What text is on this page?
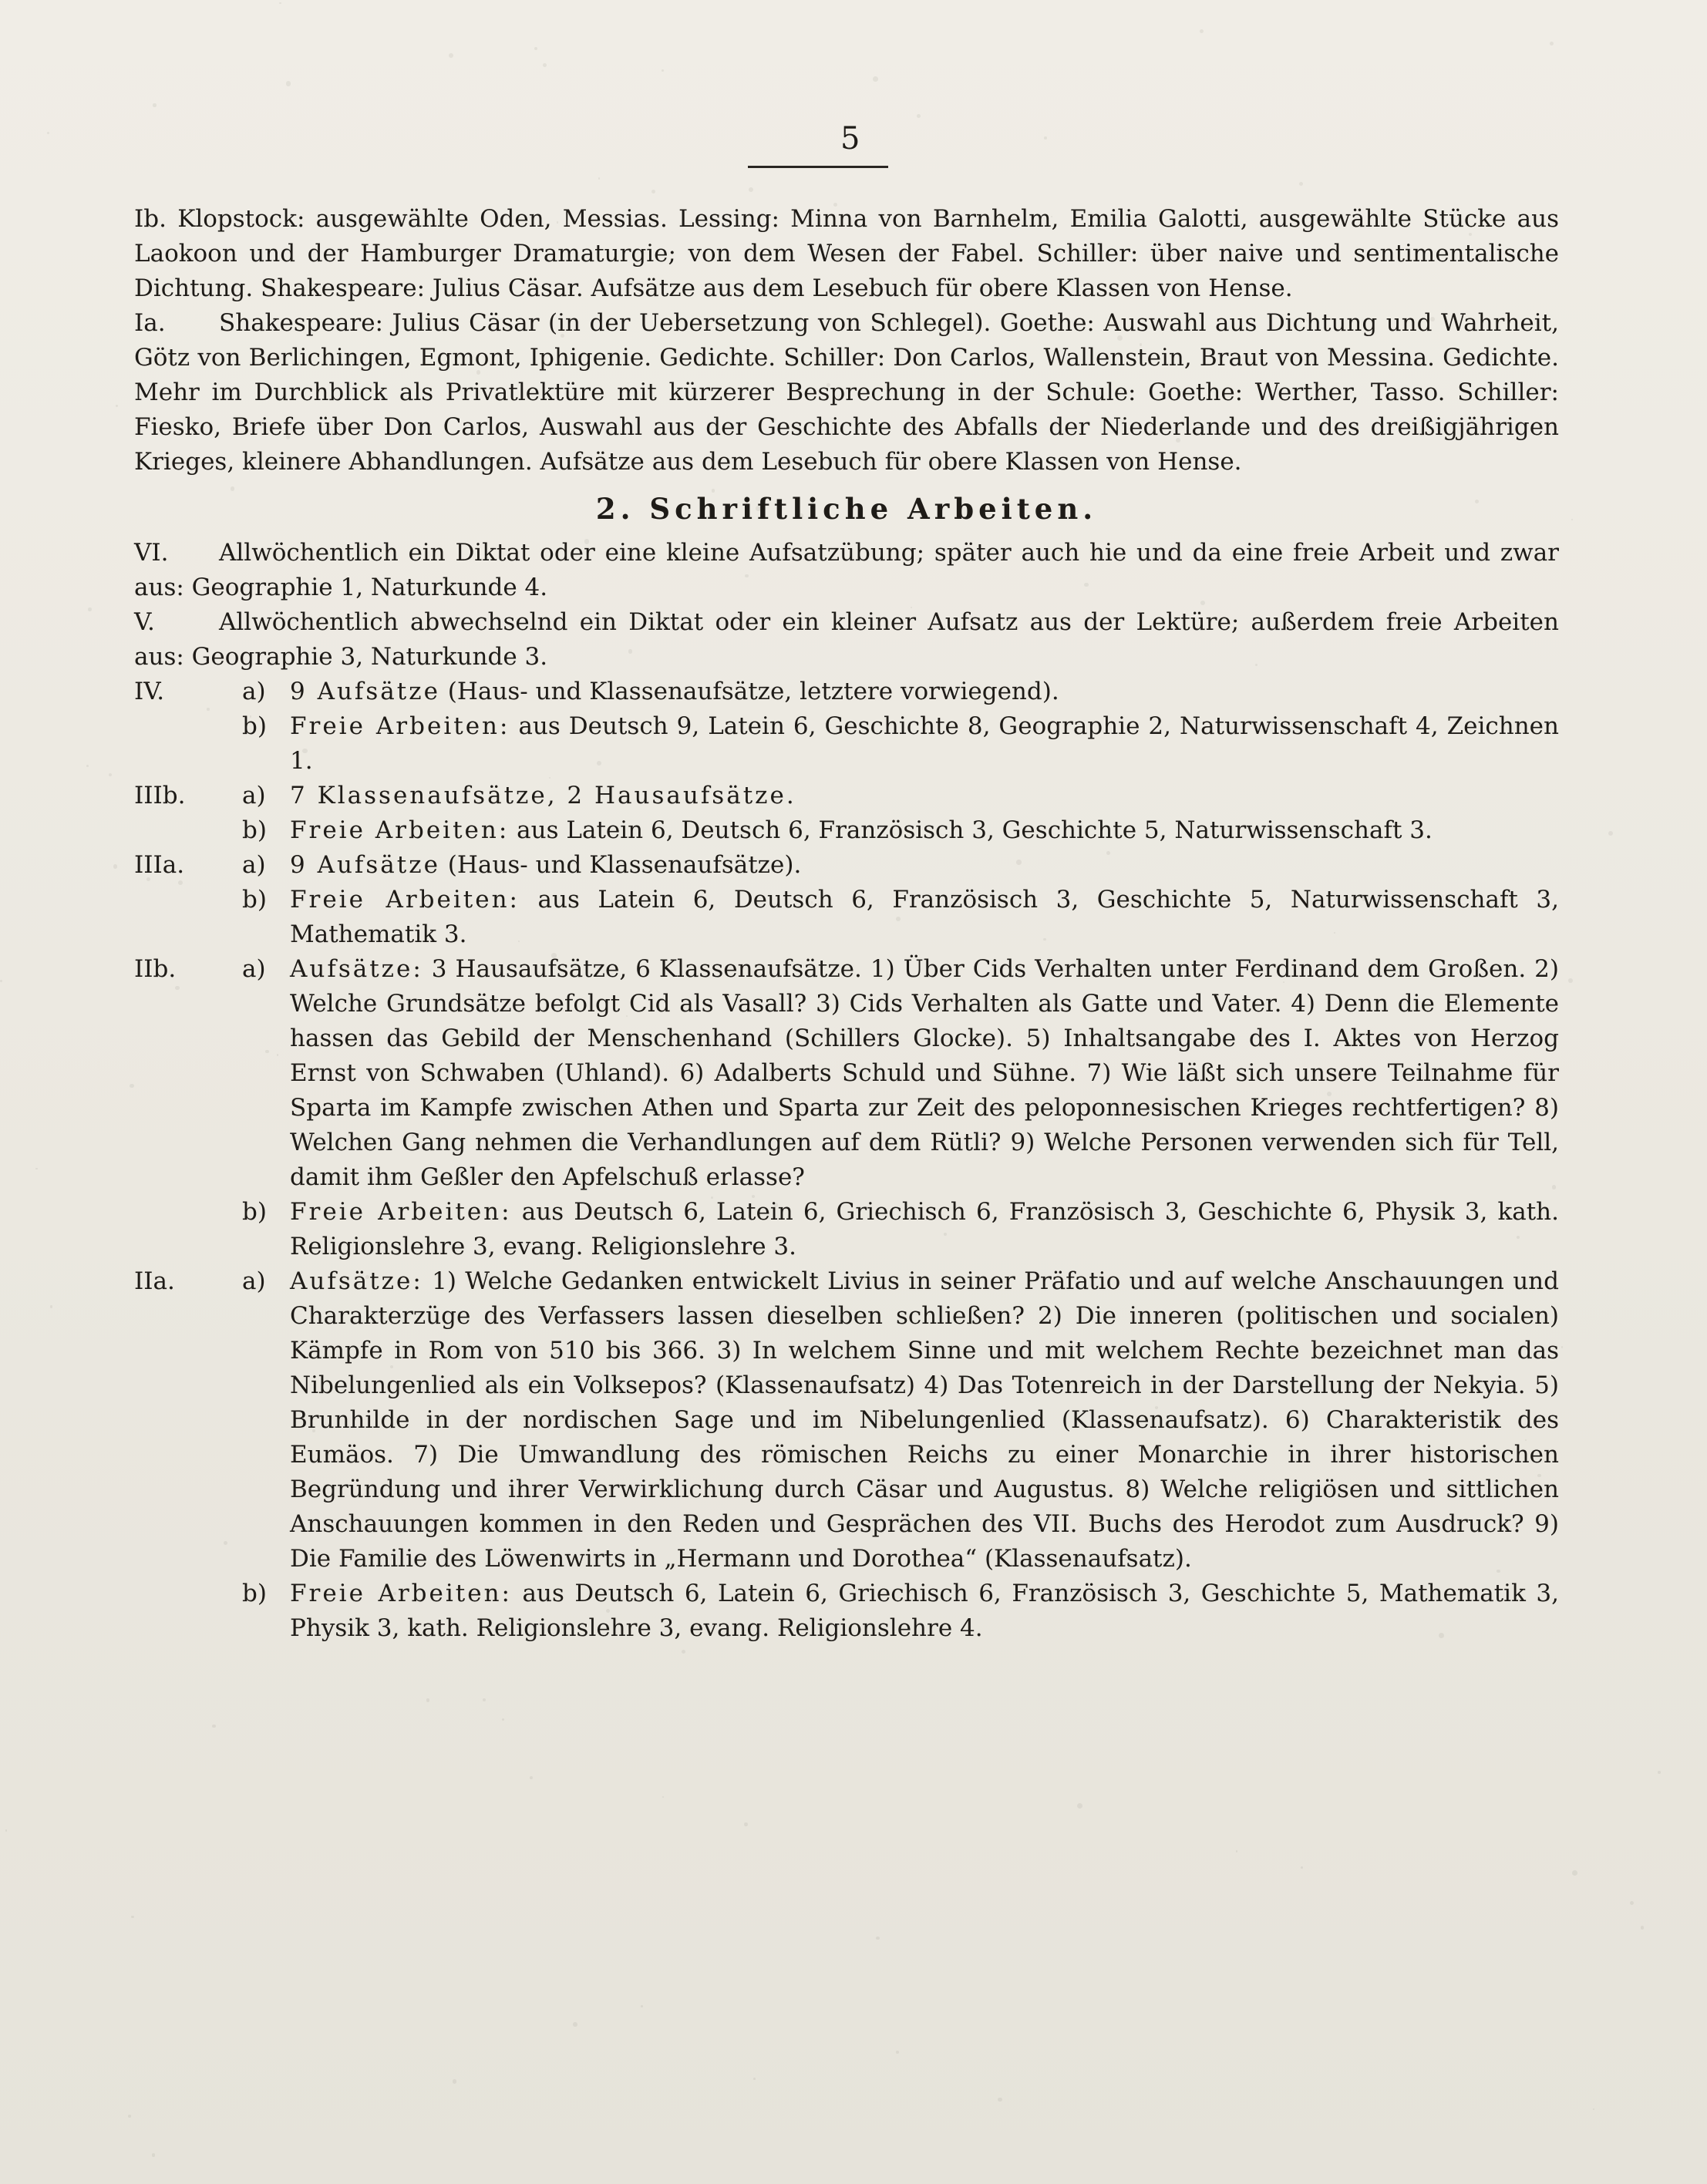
5

Ib. Klopstock: ausgewählte Oden, Messias. Lessing: Minna von Barnhelm, Emilia Galotti, ausgewählte Stücke aus Laokoon und der Hamburger Dramaturgie; von dem Wesen der Fabel. Schiller: über naive und sentimentalische Dichtung. Shakespeare: Julius Cäsar. Aufsätze aus dem Lesebuch für obere Klassen von Hense.

Ia. Shakespeare: Julius Cäsar (in der Uebersetzung von Schlegel). Goethe: Auswahl aus Dichtung und Wahrheit, Götz von Berlichingen, Egmont, Iphigenie. Gedichte. Schiller: Don Carlos, Wallenstein, Braut von Messina. Gedichte. Mehr im Durchblick als Privatlektüre mit kürzerer Besprechung in der Schule: Goethe: Werther, Tasso. Schiller: Fiesko, Briefe über Don Carlos, Auswahl aus der Geschichte des Abfalls der Niederlande und des dreißigjährigen Krieges, kleinere Abhandlungen. Aufsätze aus dem Lesebuch für obere Klassen von Hense.

2. Schriftliche Arbeiten.

VI. Allwöchentlich ein Diktat oder eine kleine Aufsatzübung; später auch hie und da eine freie Arbeit und zwar aus: Geographie 1, Naturkunde 4.

V.	Allwöchentlich abwechselnd ein Diktat oder ein kleiner Aufsatz aus der Lektüre; außerdem freie Arbeiten aus: Geographie 3, Naturkunde 3.

IV.	a)	9 Aufsätze (Haus- und Klassenaufsätze, letztere vorwiegend).
b) Freie Arbeiten: aus Deutsch 9, Latein 6, Geschichte 8, Geographie 2, Naturwissenschaft 4, Zeichnen 1.
IIIb.	a)	7 Klassenaufsätze, 2 Hausaufsätze.
b) Freie Arbeiten: aus Latein 6, Deutsch 6, Französisch 3, Geschichte 5, Naturwissenschaft 3.
IIIa.	a)	9 Aufsätze (Haus- und Klassenaufsätze).
b) Freie Arbeiten: aus Latein 6, Deutsch 6, Französisch 3, Geschichte 5, Naturwissenschaft 3, Mathematik 3.
IIb.	a)	Aufsätze: 3 Hausaufsätze, 6 Klassenaufsätze. 1) Über Cids Verhalten unter Ferdinand dem Großen. 2) Welche Grundsätze befolgt Cid als Vasall? 3) Cids Verhalten als Gatte und Vater. 4) Denn die Elemente hassen das Gebild der Menschenhand (Schillers Glocke). 5) Inhaltsangabe des I. Aktes von Herzog Ernst von Schwaben (Uhland). 6) Adalberts Schuld und Sühne. 7) Wie läßt sich unsere Teilnahme für Sparta im Kampfe zwischen Athen und Sparta zur Zeit des peloponnesischen Krieges rechtfertigen? 8) Welchen Gang nehmen die Verhandlungen auf dem Rütli? 9) Welche Personen verwenden sich für Tell, damit ihm Geßler den Apfelschuß erlasse?
b) Freie Arbeiten: aus Deutsch 6, Latein 6, Griechisch 6, Französisch 3, Geschichte 6, Physik 3, kath. Religionslehre 3, evang. Religionslehre 3.
IIa.	a)	Aufsätze: 1) Welche Gedanken entwickelt Livius in seiner Präfatio und auf welche Anschauungen und Charakterzüge des Verfassers lassen dieselben schließen? 2) Die inneren (politischen und socialen) Kämpfe in Rom von 510 bis 366. 3) In welchem Sinne und mit welchem Rechte bezeichnet man das Nibelungenlied als ein Volksepos? (Klassenaufsatz) 4) Das Totenreich in der Darstellung der Nekyia. 5) Brunhilde in der nordischen Sage und im Nibelungenlied (Klassenaufsatz). 6) Charakteristik des Eumäos. 7) Die Umwandlung des römischen Reichs zu einer Monarchie in ihrer historischen Begründung und ihrer Verwirklichung durch Cäsar und Augustus. 8) Welche religiösen und sittlichen Anschauungen kommen in den Reden und Gesprächen des VII. Buchs des Herodot zum Ausdruck? 9) Die Familie des Löwenwirts in „Hermann und Dorothea“ (Klassenaufsatz).
b) Freie Arbeiten: aus Deutsch 6, Latein 6, Griechisch 6, Französisch 3, Geschichte 5, Mathematik 3, Physik 3, kath. Religionslehre 3, evang. Religionslehre 4.
